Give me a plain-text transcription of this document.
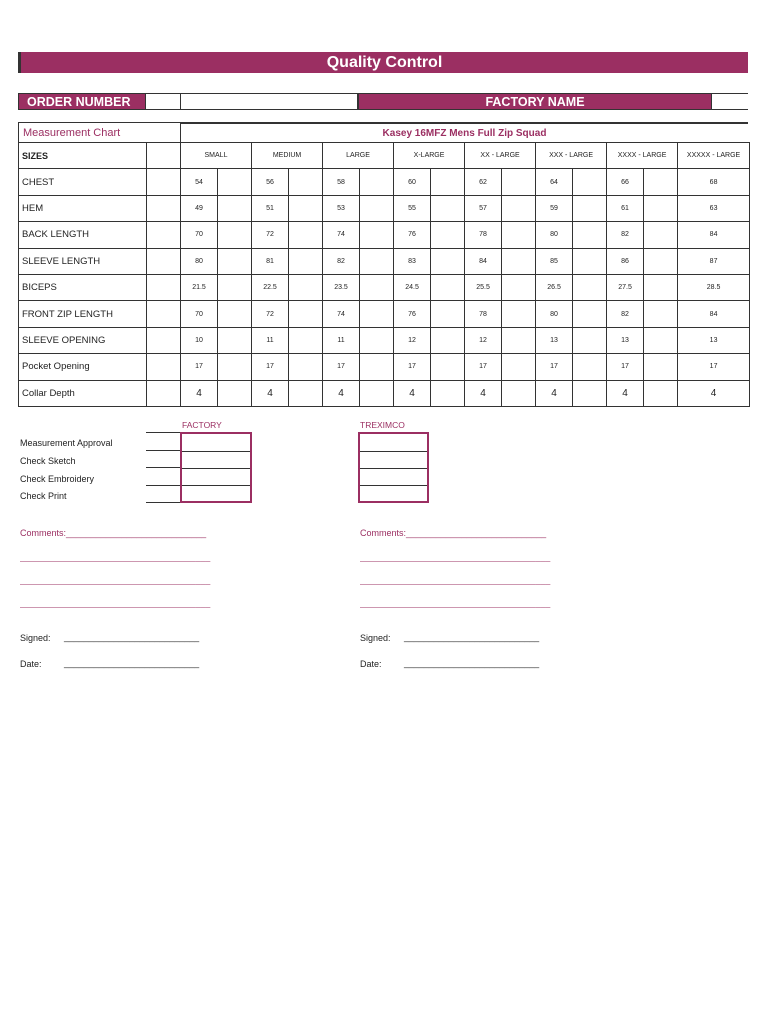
Quality Control
ORDER NUMBER	FACTORY NAME
Measurement Chart	Kasey 16MFZ Mens Full Zip Squad
SIZES		SMALL		MEDIUM		LARGE		X-LARGE		XX - LARGE		XXX - LARGE		XXXX - LARGE		XXXXX - LARGE
CHEST		54		56		58		60		62		64		66		68
HEM		49		51		53		55		57		59		61		63
BACK LENGTH		70		72		74		76		78		80		82		84
SLEEVE LENGTH		80		81		82		83		84		85		86		87
BICEPS		21.5		22.5		23.5		24.5		25.5		26.5		27.5		28.5
FRONT ZIP LENGTH		70		72		74		76		78		80		82		84
SLEEVE OPENING		10		11		11		12		12		13		13		13
Pocket Opening		17		17		17		17		17		17		17		17
Collar Depth		4		4		4		4		4		4		4		4
FACTORY	TREXIMCO
Measurement Approval
Check Sketch
Check Embroidery
Check Print
Comments:____________________________	Comments:____________________________
______________________________________
______________________________________
______________________________________
______________________________________
______________________________________
______________________________________
Signed: ___________________________
Date: ___________________________
Signed: ___________________________
Date: ___________________________
